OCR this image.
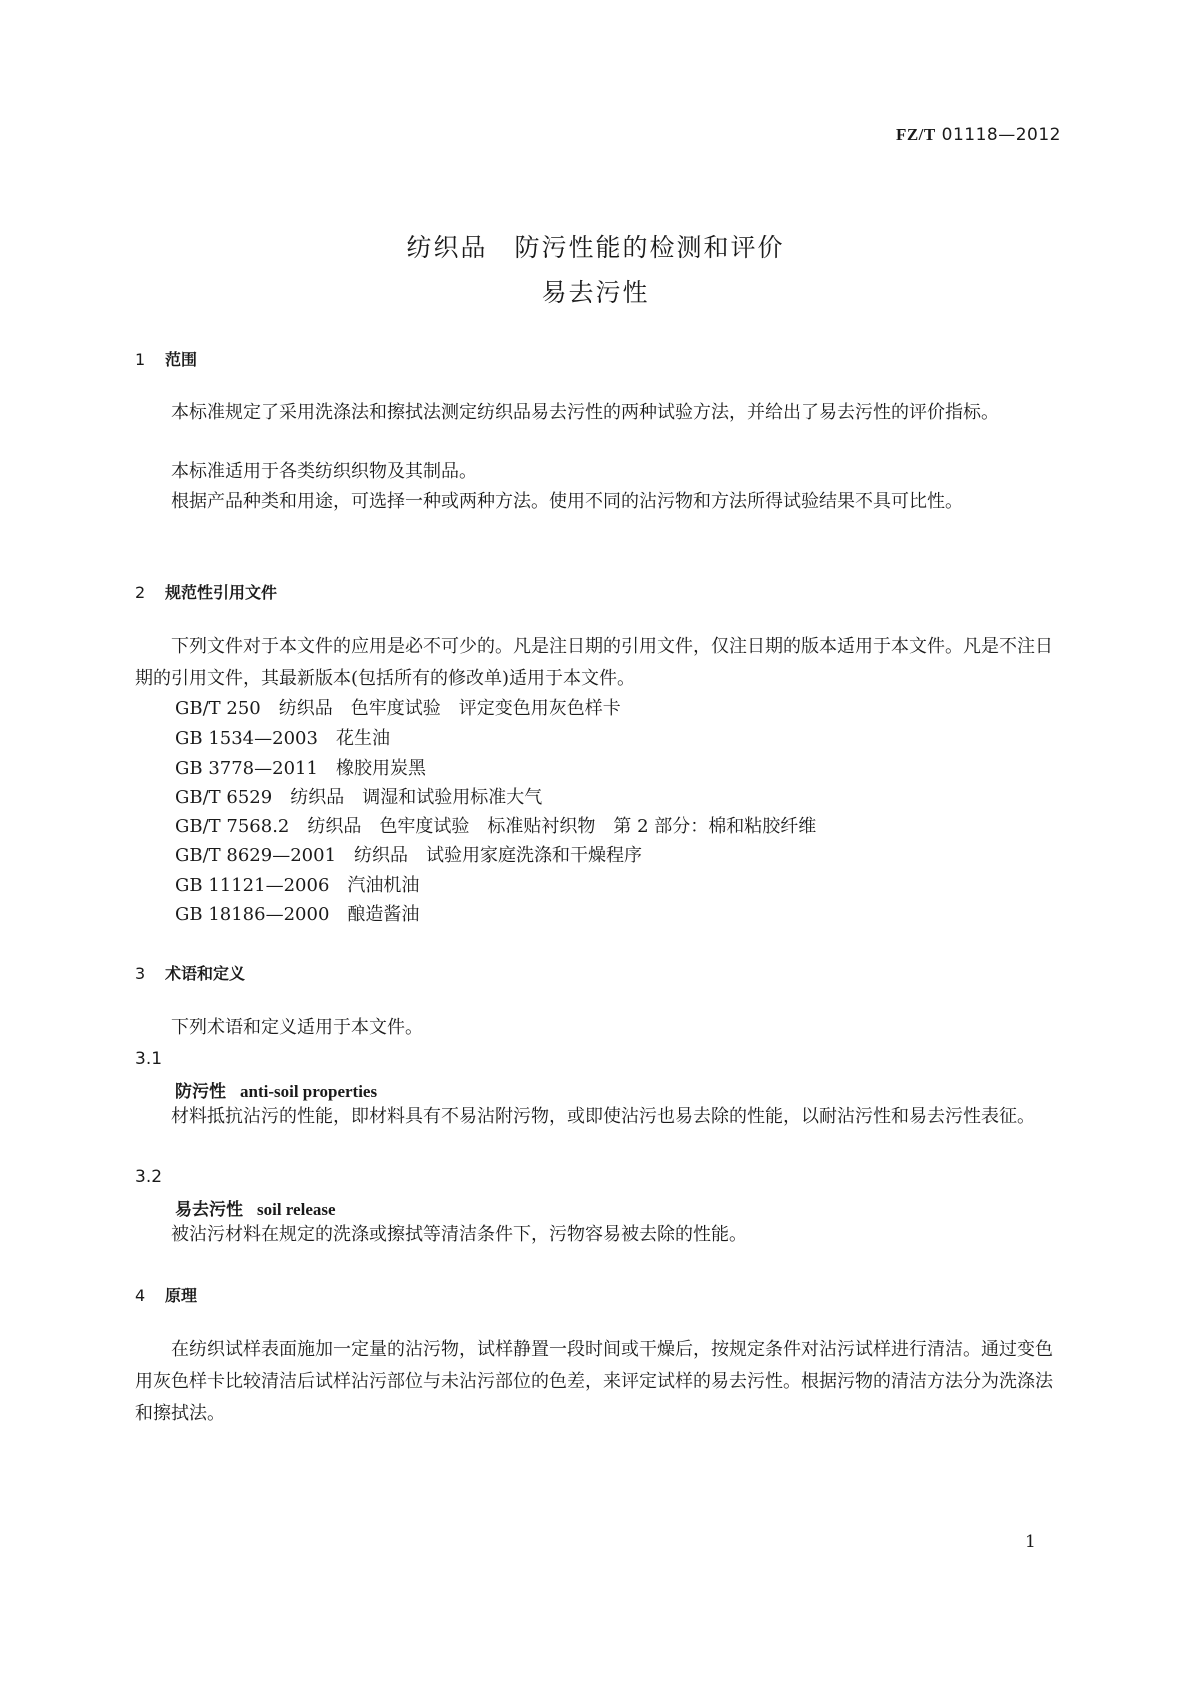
FZ/T 01118—2012

纺织品　防污性能的检测和评价
易去污性
1 范围

本标准规定了采用洗涤法和擦拭法测定纺织品易去污性的两种试验方法，并给出了易去污性的评价指标。

本标准适用于各类纺织织物及其制品。

根据产品种类和用途，可选择一种或两种方法。使用不同的沾污物和方法所得试验结果不具可比性。

2 规范性引用文件

下列文件对于本文件的应用是必不可少的。凡是注日期的引用文件，仅注日期的版本适用于本文件。凡是不注日期的引用文件，其最新版本(包括所有的修改单)适用于本文件。

GB/T 250　纺织品　色牢度试验　评定变色用灰色样卡

GB 1534—2003　花生油

GB 3778—2011　橡胶用炭黑

GB/T 6529　纺织品　调湿和试验用标准大气

GB/T 7568.2　纺织品　色牢度试验　标准贴衬织物　第 2 部分：棉和粘胶纤维

GB/T 8629—2001　纺织品　试验用家庭洗涤和干燥程序

GB 11121—2006　汽油机油

GB 18186—2000　酿造酱油

3 术语和定义

下列术语和定义适用于本文件。

3.1

防污性 anti-soil properties

材料抵抗沾污的性能，即材料具有不易沾附污物，或即使沾污也易去除的性能，以耐沾污性和易去污性表征。

3.2

易去污性 soil release

被沾污材料在规定的洗涤或擦拭等清洁条件下，污物容易被去除的性能。

4 原理

在纺织试样表面施加一定量的沾污物，试样静置一段时间或干燥后，按规定条件对沾污试样进行清洁。通过变色用灰色样卡比较清洁后试样沾污部位与未沾污部位的色差，来评定试样的易去污性。根据污物的清洁方法分为洗涤法和擦拭法。

1
